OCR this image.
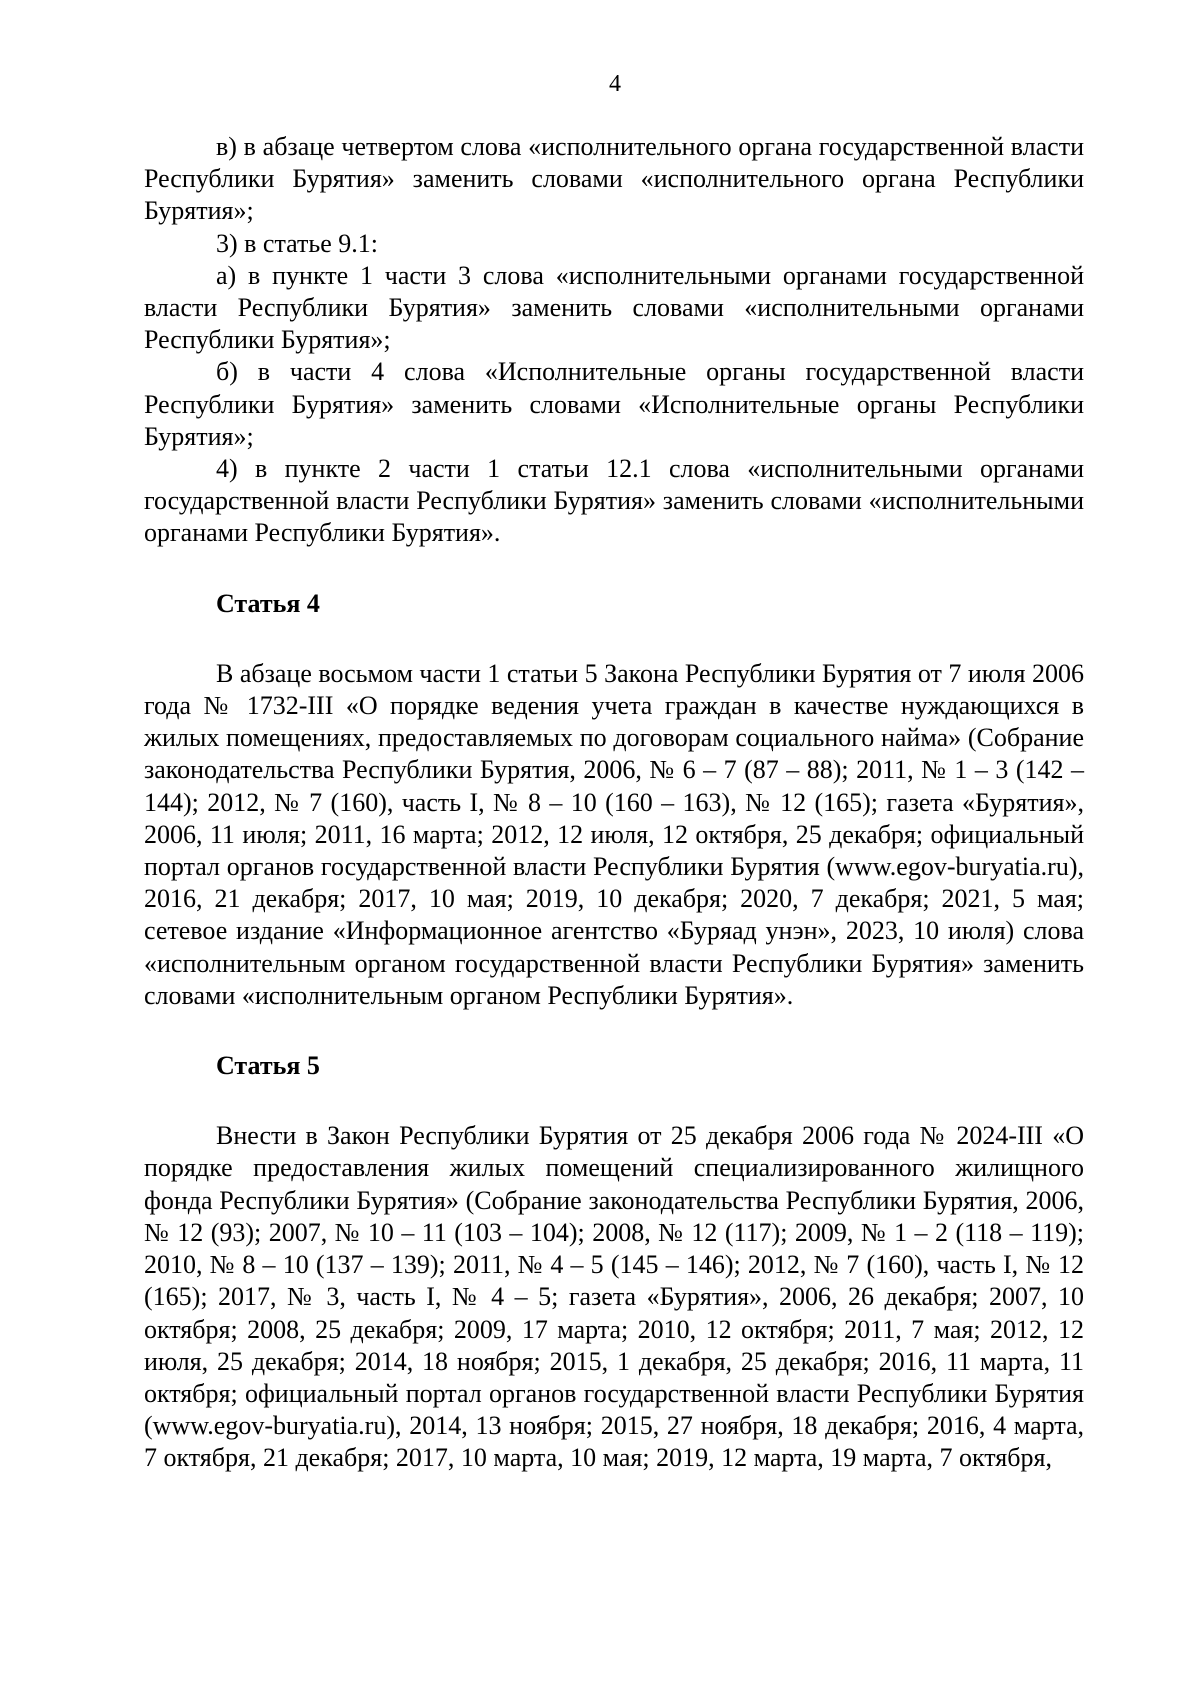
4

в) в абзаце четвертом слова «исполнительного органа государственной власти Республики Бурятия» заменить словами «исполнительного органа Республики Бурятия»;

3) в статье 9.1:

а) в пункте 1 части 3 слова «исполнительными органами государственной власти Республики Бурятия» заменить словами «исполнительными органами Республики Бурятия»;

б) в части 4 слова «Исполнительные органы государственной власти Республики Бурятия» заменить словами «Исполнительные органы Республики Бурятия»;

4) в пункте 2 части 1 статьи 12.1 слова «исполнительными органами государственной власти Республики Бурятия» заменить словами «исполнительными органами Республики Бурятия».

Статья 4

В абзаце восьмом части 1 статьи 5 Закона Республики Бурятия от 7 июля 2006 года № 1732-III «О порядке ведения учета граждан в качестве нуждающихся в жилых помещениях, предоставляемых по договорам социального найма» (Собрание законодательства Республики Бурятия, 2006, № 6 – 7 (87 – 88); 2011, № 1 – 3 (142 – 144); 2012, № 7 (160), часть I, № 8 – 10 (160 – 163), № 12 (165); газета «Бурятия», 2006, 11 июля; 2011, 16 марта; 2012, 12 июля, 12 октября, 25 декабря; официальный портал органов государственной власти Республики Бурятия (www.egov-buryatia.ru), 2016, 21 декабря; 2017, 10 мая; 2019, 10 декабря; 2020, 7 декабря; 2021, 5 мая; сетевое издание «Информационное агентство «Буряад унэн», 2023, 10 июля) слова «исполнительным органом государственной власти Республики Бурятия» заменить словами «исполнительным органом Республики Бурятия».

Статья 5

Внести в Закон Республики Бурятия от 25 декабря 2006 года № 2024-III «О порядке предоставления жилых помещений специализированного жилищного фонда Республики Бурятия» (Собрание законодательства Республики Бурятия, 2006, № 12 (93); 2007, № 10 – 11 (103 – 104); 2008, № 12 (117); 2009, № 1 – 2 (118 – 119); 2010, № 8 – 10 (137 – 139); 2011, № 4 – 5 (145 – 146); 2012, № 7 (160), часть I, № 12 (165); 2017, № 3, часть I, № 4 – 5; газета «Бурятия», 2006, 26 декабря; 2007, 10 октября; 2008, 25 декабря; 2009, 17 марта; 2010, 12 октября; 2011, 7 мая; 2012, 12 июля, 25 декабря; 2014, 18 ноября; 2015, 1 декабря, 25 декабря; 2016, 11 марта, 11 октября; официальный портал органов государственной власти Республики Бурятия (www.egov-buryatia.ru), 2014, 13 ноября; 2015, 27 ноября, 18 декабря; 2016, 4 марта, 7 октября, 21 декабря; 2017, 10 марта, 10 мая; 2019, 12 марта, 19 марта, 7 октября,
